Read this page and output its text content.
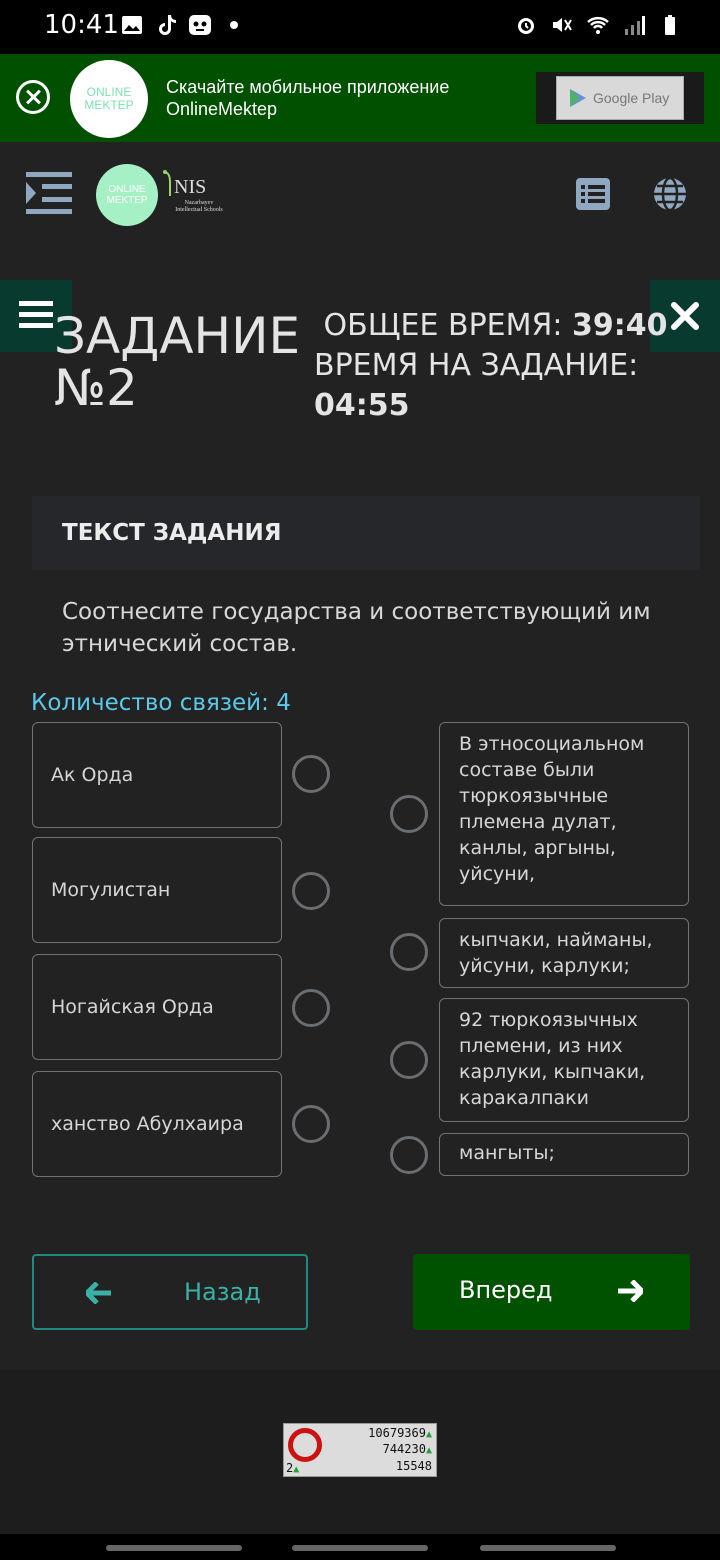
10:41
ONLINE MEKTEP
Скачайте мобильное приложение OnlineMektep
Google Play
ONLINE MEKTEP
NIS
Nazarbayev Intellectual Schools
ЗАДАНИЕ №2
ОБЩЕЕ ВРЕМЯ: 39:40
ВРЕМЯ НА ЗАДАНИЕ:
04:55
ТЕКСТ ЗАДАНИЯ
Соотнесите государства и соответствующий им этнический состав.
Количество связей: 4
Ак Орда
Могулистан
Ногайская Орда
ханство Абулхаира
В этносоциальном составе были тюркоязычные племена дулат, канлы, аргыны, уйсуни,
кыпчаки, найманы, уйсуни, карлуки;
92 тюркоязычных племени, из них карлуки, кыпчаки, каракалпаки
мангыты;
Назад	Вперед
10679369▲
744230▲
15548
2▲
